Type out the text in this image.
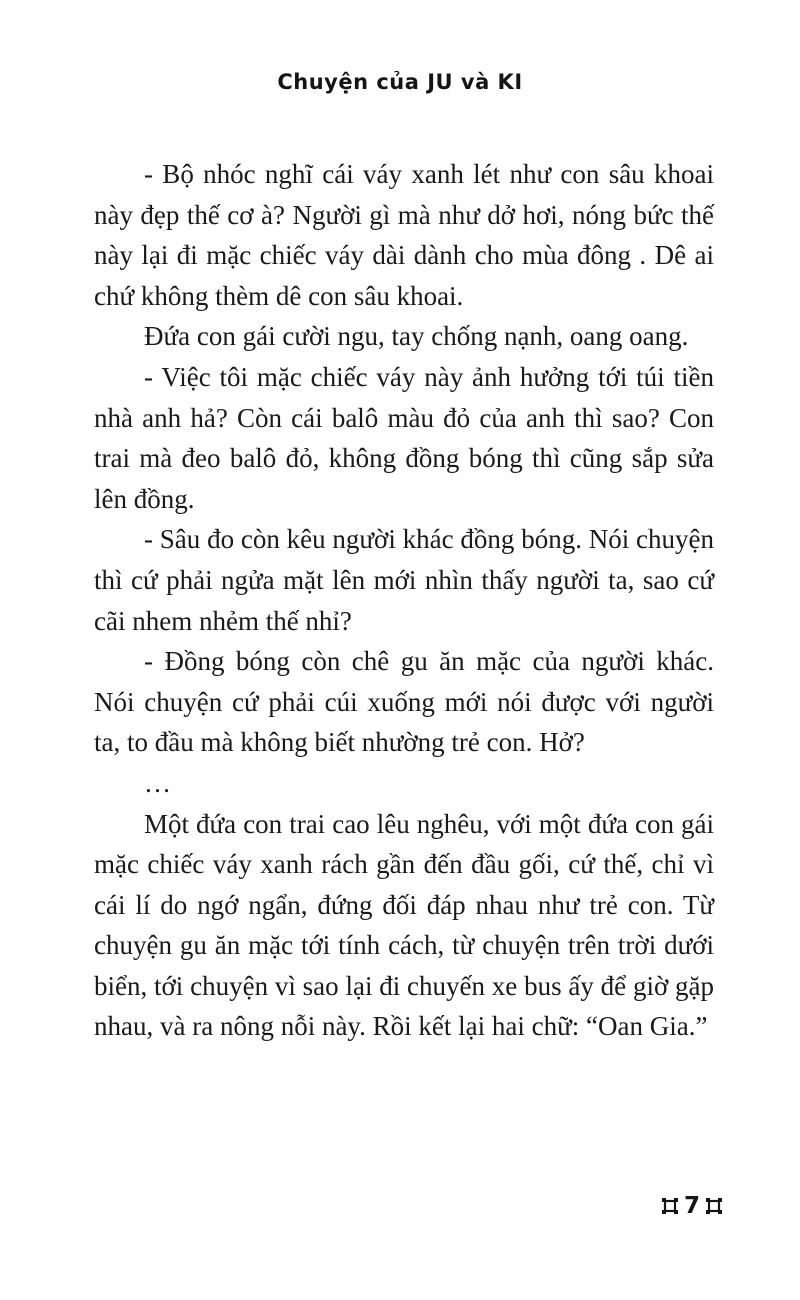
Chuyện của JU và KI

- Bộ nhóc nghĩ cái váy xanh lét như con sâu khoai này đẹp thế cơ à? Người gì mà như dở hơi, nóng bức thế này lại đi mặc chiếc váy dài dành cho mùa đông . Dê ai chứ không thèm dê con sâu khoai.

Đứa con gái cười ngu, tay chống nạnh, oang oang.

- Việc tôi mặc chiếc váy này ảnh hưởng tới túi tiền nhà anh hả? Còn cái balô màu đỏ của anh thì sao? Con trai mà đeo balô đỏ, không đồng bóng thì cũng sắp sửa lên đồng.

- Sâu đo còn kêu người khác đồng bóng. Nói chuyện thì cứ phải ngửa mặt lên mới nhìn thấy người ta, sao cứ cãi nhem nhẻm thế nhỉ?

- Đồng bóng còn chê gu ăn mặc của người khác. Nói chuyện cứ phải cúi xuống mới nói được với người ta, to đầu mà không biết nhường trẻ con. Hở?

…

Một đứa con trai cao lêu nghêu, với một đứa con gái mặc chiếc váy xanh rách gần đến đầu gối, cứ thế, chỉ vì cái lí do ngớ ngẩn, đứng đối đáp nhau như trẻ con. Từ chuyện gu ăn mặc tới tính cách, từ chuyện trên trời dưới biển, tới chuyện vì sao lại đi chuyến xe bus ấy để giờ gặp nhau, và ra nông nỗi này. Rồi kết lại hai chữ: “Oan Gia.”

7
